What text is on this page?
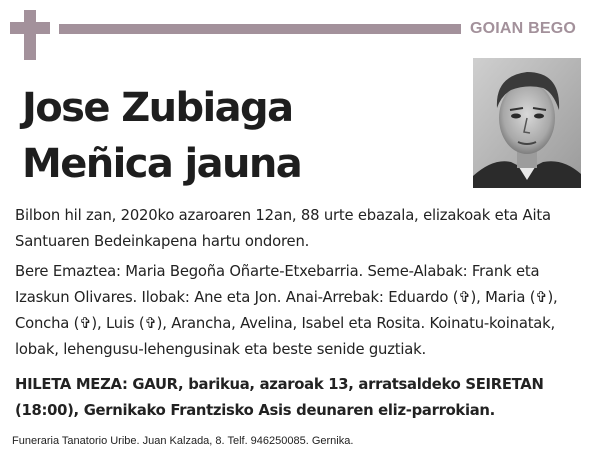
GOIAN BEGO
Jose Zubiaga
Meñica jauna

Bilbon hil zan, 2020ko azaroaren 12an, 88 urte ebazala, elizakoak eta Aita Santuaren Bedeinkapena hartu ondoren.

Bere Emaztea: Maria Begoña Oñarte-Etxebarria. Seme-Alabak: Frank eta Izaskun Olivares. Ilobak: Ane eta Jon. Anai-Arrebak: Eduardo (✞), Maria (✞), Concha (✞), Luis (✞), Arancha, Avelina, Isabel eta Rosita. Koinatu-koinatak, lobak, lehengusu-lehengusinak eta beste senide guztiak.

HILETA MEZA: GAUR, barikua, azaroak 13, arratsaldeko SEIRETAN (18:00), Gernikako Frantzisko Asis deunaren eliz-parrokian.

Funeraria Tanatorio Uribe. Juan Kalzada, 8. Telf. 946250085. Gernika.
